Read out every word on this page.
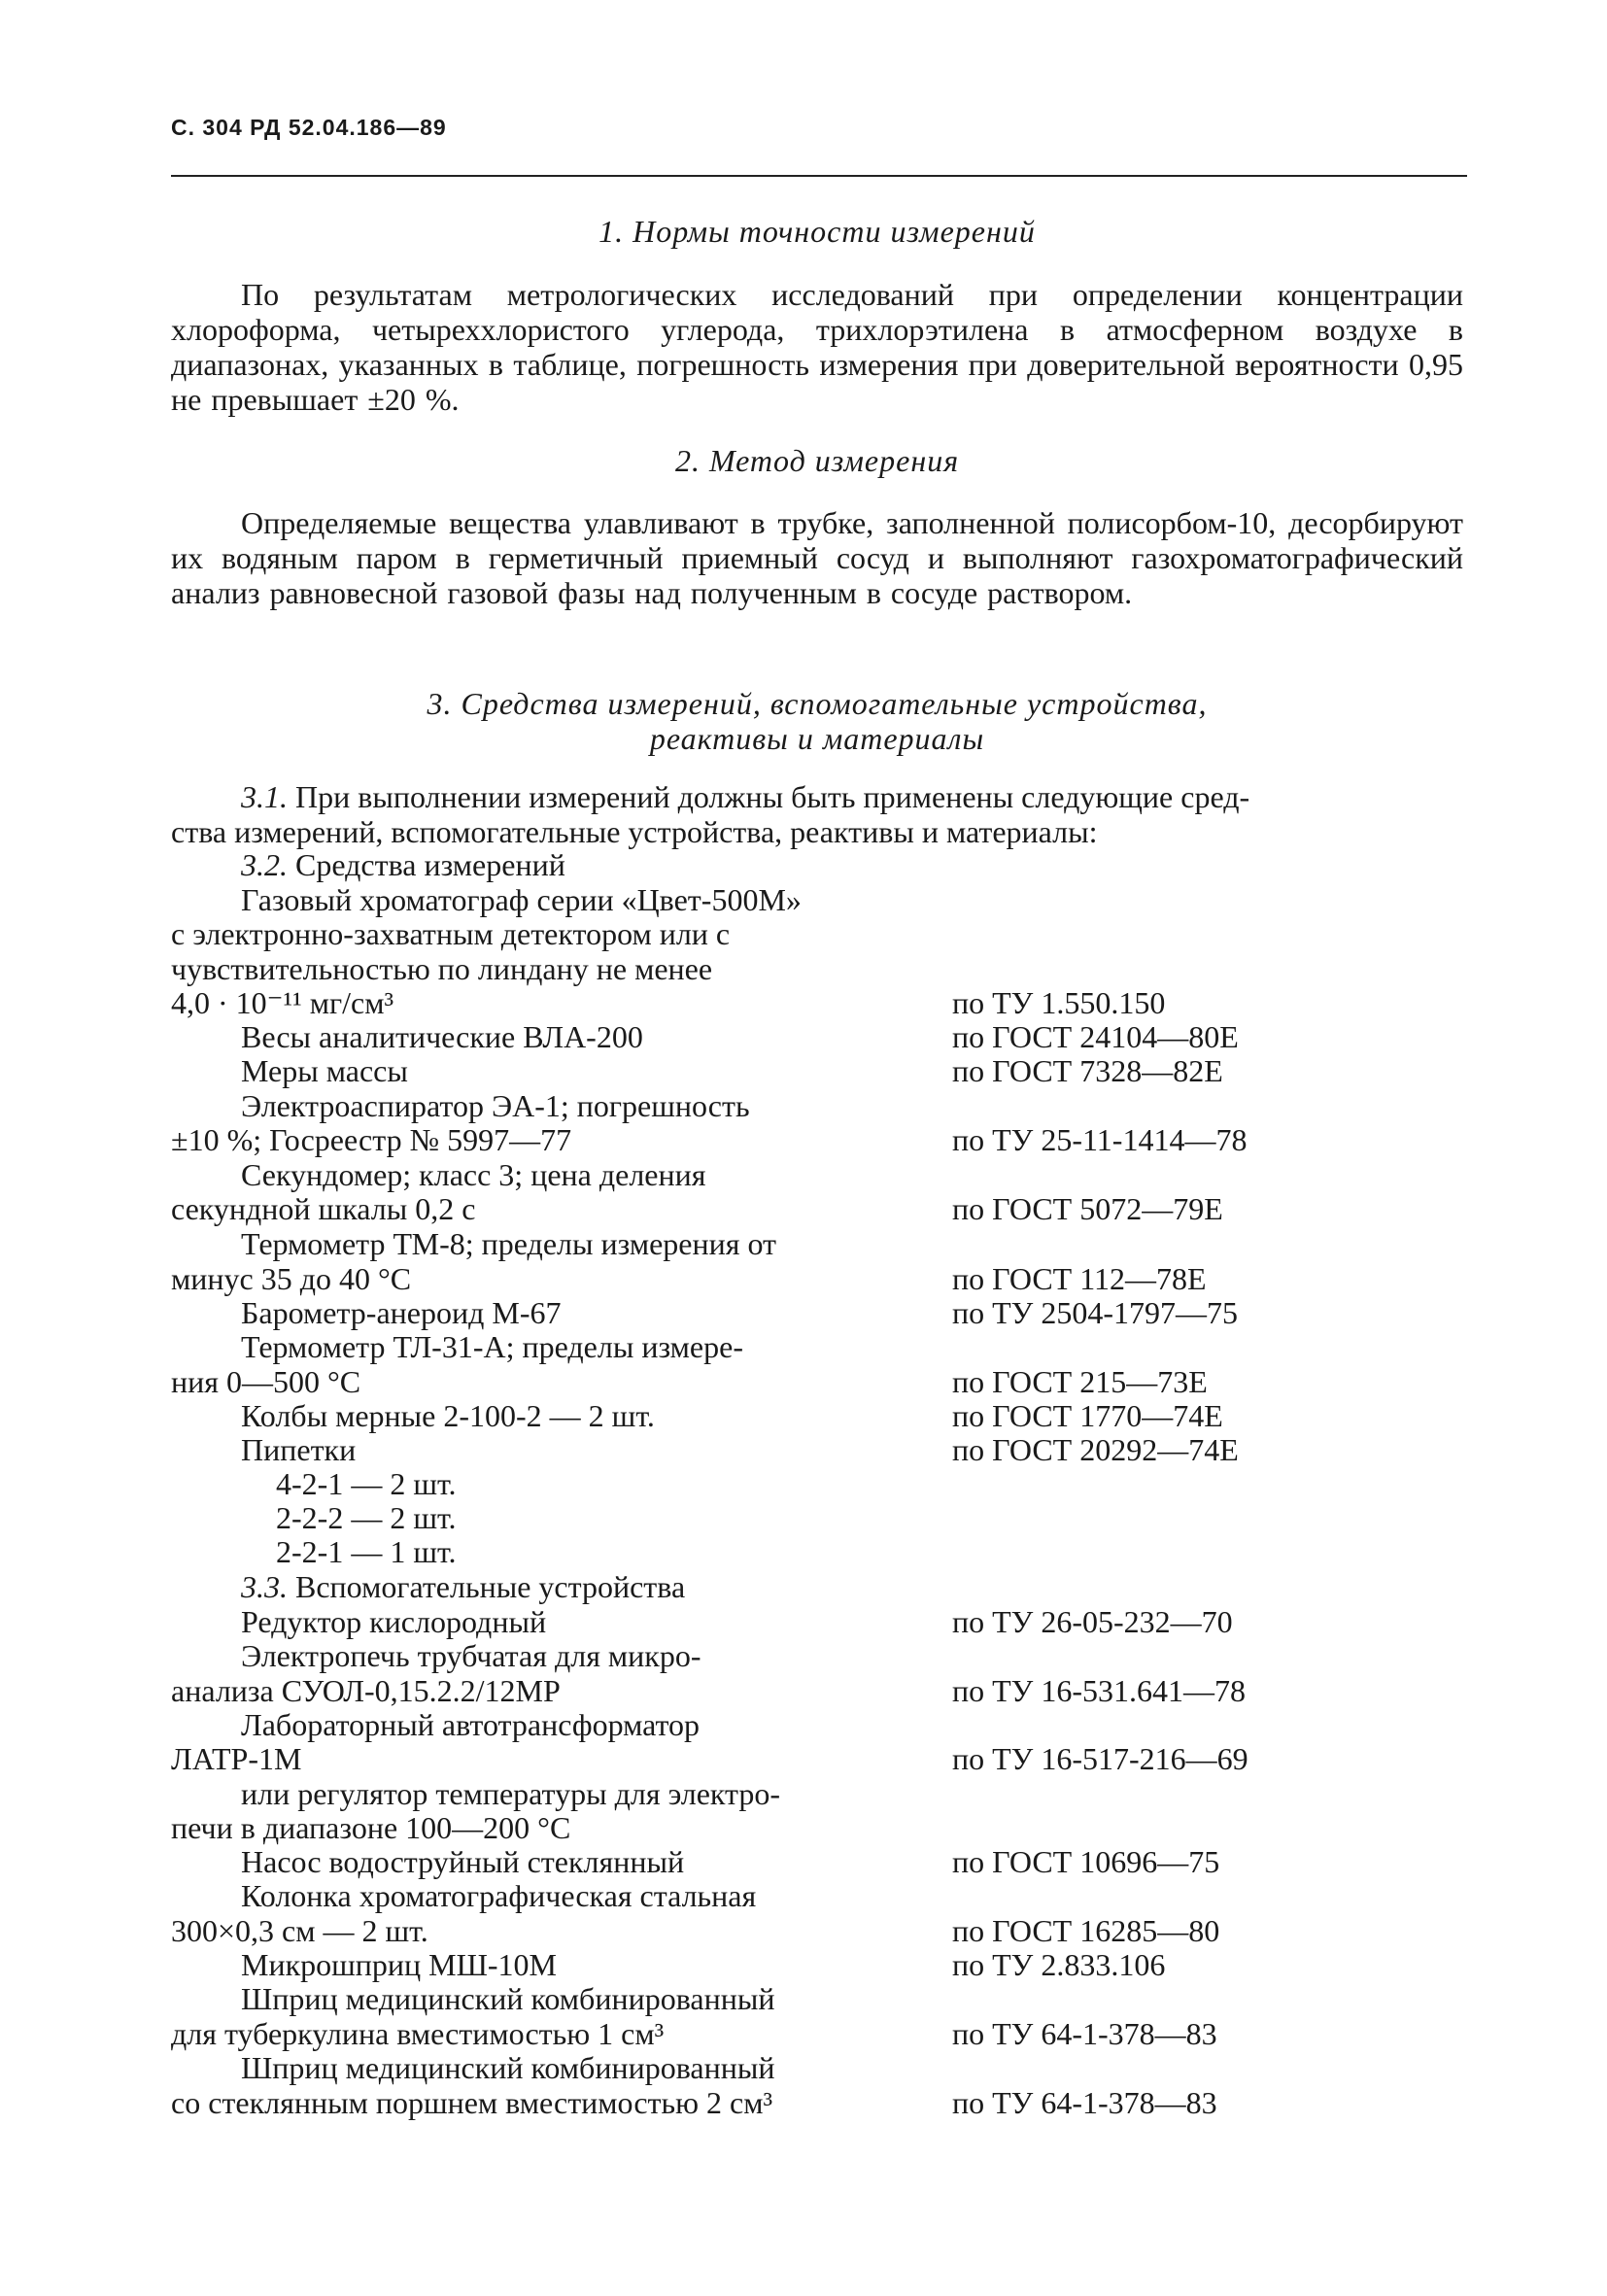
С. 304 РД 52.04.186—89
1. Нормы точности измерений
По результатам метрологических исследований при определении концентрации хлороформа, четыреххлористого углерода, трихлорэтилена в атмосферном воздухе в диапазонах, указанных в таблице, погрешность измерения при доверительной вероятности 0,95 не превышает ±20 %.
2. Метод измерения
Определяемые вещества улавливают в трубке, заполненной полисорбом-10, десорбируют их водяным паром в герметичный приемный сосуд и выполняют газохроматографический анализ равновесной газовой фазы над полученным в сосуде раствором.
3. Средства измерений, вспомогательные устройства,
реактивы и материалы
3.1. При выполнении измерений должны быть применены следующие сред-
ства измерений, вспомогательные устройства, реактивы и материалы:
3.2. Средства измерений
3.3. Вспомогательные устройства
Газовый хроматограф серии «Цвет-500М»
с электронно-захватным детектором или с
чувствительностью по линдану не менее
4,0 · 10⁻¹¹ мг/см³	по ТУ 1.550.150
Весы аналитические ВЛА-200	по ГОСТ 24104—80Е
Меры массы	по ГОСТ 7328—82Е
Электроаспиратор ЭА-1; погрешность
±10 %; Госреестр № 5997—77	по ТУ 25-11-1414—78
Секундомер; класс 3; цена деления
секундной шкалы 0,2 с	по ГОСТ 5072—79Е
Термометр ТМ-8; пределы измерения от
минус 35 до 40 °С	по ГОСТ 112—78Е
Барометр-анероид М-67	по ТУ 2504-1797—75
Термометр ТЛ-31-А; пределы измере-
ния 0—500 °С	по ГОСТ 215—73Е
Колбы мерные 2-100-2 — 2 шт.	по ГОСТ 1770—74Е
Пипетки	по ГОСТ 20292—74Е
4-2-1 — 2 шт.
2-2-2 — 2 шт.
2-2-1 — 1 шт.
Редуктор кислородный	по ТУ 26-05-232—70
Электропечь трубчатая для микро-
анализа СУОЛ-0,15.2.2/12МР	по ТУ 16-531.641—78
Лабораторный автотрансформатор
ЛАТР-1М	по ТУ 16-517-216—69
или регулятор температуры для электро-
печи в диапазоне 100—200 °С
Насос водоструйный стеклянный	по ГОСТ 10696—75
Колонка хроматографическая стальная
300×0,3 см — 2 шт.	по ГОСТ 16285—80
Микрошприц МШ-10М	по ТУ 2.833.106
Шприц медицинский комбинированный
для туберкулина вместимостью 1 см³	по ТУ 64-1-378—83
Шприц медицинский комбинированный
со стеклянным поршнем вместимостью 2 см³	по ТУ 64-1-378—83
